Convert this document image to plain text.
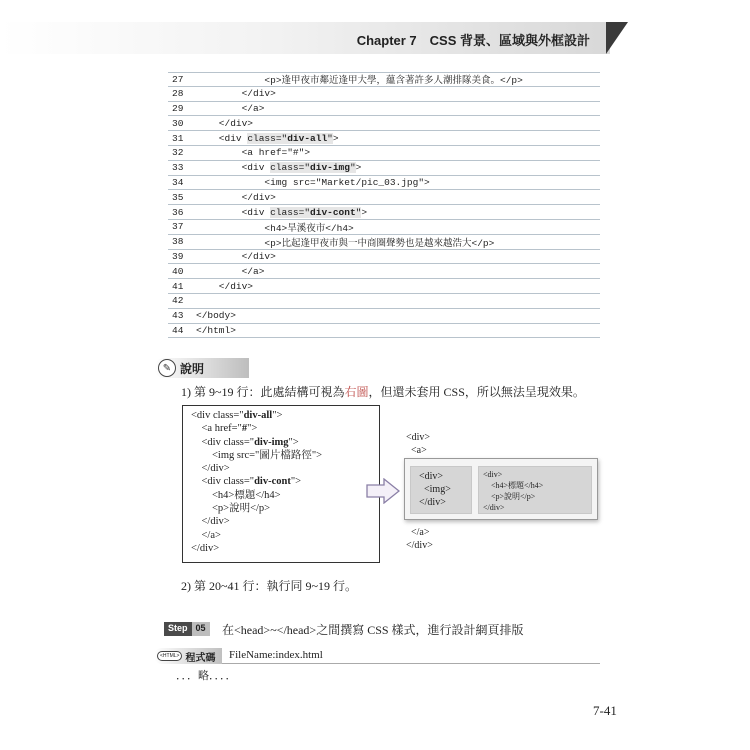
Chapter 7　CSS 背景、區域與外框設計
27	<p>逢甲夜市鄰近逢甲大學，蘊含著許多人潮排隊美食。</p>
28	</div>
29	</a>
30	</div>
31	<div class="div-all">
32	<a href="#">
33	<div class="div-img">
34	<img src="Market/pic_03.jpg">
35	</div>
36	<div class="div-cont">
37	<h4>旱溪夜市</h4>
38	<p>比起逢甲夜市與一中商圈聲勢也是越來越浩大</p>
39	</div>
40	</a>
41	</div>
42
43	</body>
44	</html>
✎ 說明
1) 第 9~19 行：此處結構可視為右圖，但還未套用 CSS，所以無法呈現效果。
<div class="div-all">
<a href="#">
<div class="div-img">
<img src="圖片檔路徑">
</div>
<div class="div-cont">
<h4>標題</h4>
<p>說明</p>
</div>
</a>
</div>
<div>
<a>
<div>
<img>
</div>
<div>
<h4>標題</h4>
<p>說明</p>
</div>
</a>
</div>
2) 第 20~41 行：執行同 9~19 行。
Step 05	在<head>~</head>之間撰寫 CSS 樣式，進行設計網頁排版
<HTML> 程式碼 FileName:index.html
．．．略．．．．
7-41
